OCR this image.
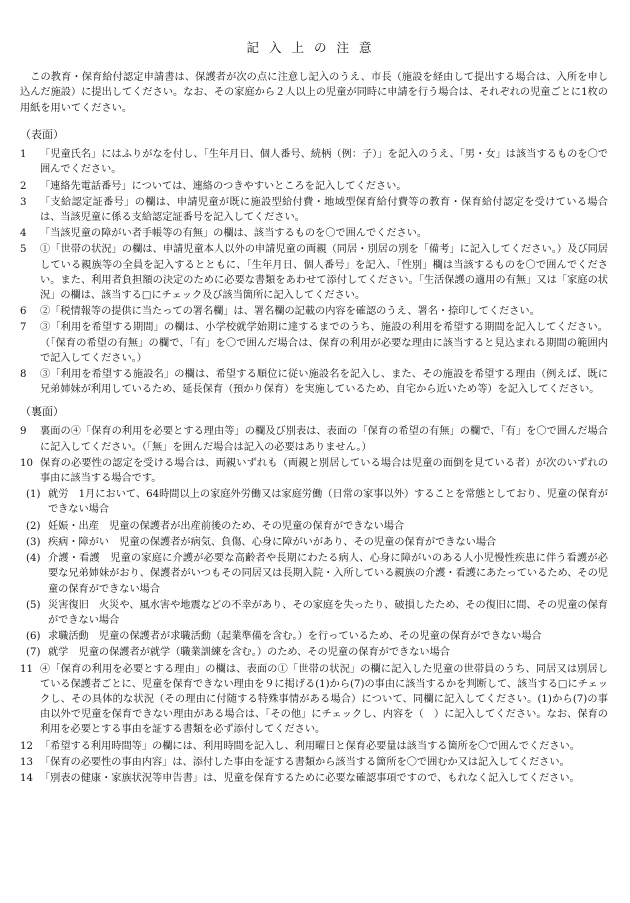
記入上の注意
この教育・保育給付認定申請書は、保護者が次の点に注意し記入のうえ、市長（施設を経由して提出する場合は、入所を申し込んだ施設）に提出してください。なお、その家庭から２人以上の児童が同時に申請を行う場合は、それぞれの児童ごとに1枚の用紙を用いてください。
（表面）
1	「児童氏名」にはふりがなを付し、「生年月日、個人番号、続柄（例：子）」を記入のうえ、「男・女」は該当するものを〇で囲んでください。
2	「連絡先電話番号」については、連絡のつきやすいところを記入してください。
3	「支給認定証番号」の欄は、申請児童が既に施設型給付費・地域型保育給付費等の教育・保育給付認定を受けている場合は、当該児童に係る支給認定証番号を記入してください。
4	「当該児童の障がい者手帳等の有無」の欄は、該当するものを〇で囲んでください。
5	①「世帯の状況」の欄は、申請児童本人以外の申請児童の両親（同居・別居の別を「備考」に記入してください。）及び同居している親族等の全員を記入するとともに、「生年月日、個人番号」を記入、「性別」欄は当該するものを〇で囲んでください。また、利用者負担額の決定のために必要な書類をあわせて添付してください。「生活保護の適用の有無」又は「家庭の状況」の欄は、該当する□にチェック及び該当箇所に記入してください。
6	②「税情報等の提供に当たっての署名欄」は、署名欄の記載の内容を確認のうえ、署名・捺印してください。
7	③「利用を希望する期間」の欄は、小学校就学始期に達するまでのうち、施設の利用を希望する期間を記入してください。（「保育の希望の有無」の欄で、「有」を〇で囲んだ場合は、保育の利用が必要な理由に該当すると見込まれる期間の範囲内で記入してください。）
8	③「利用を希望する施設名」の欄は、希望する順位に従い施設名を記入し、また、その施設を希望する理由（例えば、既に兄弟姉妹が利用しているため、延長保育（預かり保育）を実施しているため、自宅から近いため等）を記入してください。
（裏面）
9	裏面の④「保育の利用を必要とする理由等」の欄及び別表は、表面の「保育の希望の有無」の欄で、「有」を〇で囲んだ場合に記入してください。（「無」を囲んだ場合は記入の必要はありません。）
10 保育の必要性の認定を受ける場合は、両親いずれも（両親と別居している場合は児童の面倒を見ている者）が次のいずれの事由に該当する場合です。
(1) 就労　1月において、64時間以上の家庭外労働又は家庭労働（日常の家事以外）することを常態としており、児童の保育ができない場合
(2) 妊娠・出産　児童の保護者が出産前後のため、その児童の保育ができない場合
(3) 疾病・障がい　児童の保護者が病気、負傷、心身に障がいがあり、その児童の保育ができない場合
(4) 介護・看護　児童の家庭に介護が必要な高齢者や長期にわたる病人、心身に障がいのある人小児慢性疾患に伴う看護が必要な兄弟姉妹がおり、保護者がいつもその同居又は長期入院・入所している親族の介護・看護にあたっているため、その児童の保育ができない場合
(5) 災害復旧　火災や、風水害や地震などの不幸があり、その家庭を失ったり、破損したため、その復旧に間、その児童の保育ができない場合
(6) 求職活動　児童の保護者が求職活動（起業準備を含む。）を行っているため、その児童の保育ができない場合
(7) 就学　児童の保護者が就学（職業訓練を含む。）のため、その児童の保育ができない場合
11 ④「保育の利用を必要とする理由」の欄は、表面の①「世帯の状況」の欄に記入した児童の世帯員のうち、同居又は別居している保護者ごとに、児童を保育できない理由を９に掲げる(1)から(7)の事由に該当するかを判断して、該当する□にチェックし、その具体的な状況（その理由に付随する特殊事情がある場合）について、同欄に記入してください。(1)から(7)の事由以外で児童を保育できない理由がある場合は、「その他」にチェックし、内容を（　）に記入してください。なお、保育の利用を必要とする事由を証する書類を必ず添付してください。
12 「希望する利用時間等」の欄には、利用時間を記入し、利用曜日と保育必要量は該当する箇所を〇で囲んでください。
13 「保育の必要性の事由内容」は、添付した事由を証する書類から該当する箇所を〇で囲むか又は記入してください。
14 「別表の健康・家族状況等申告書」は、児童を保育するために必要な確認事項ですので、もれなく記入してください。
